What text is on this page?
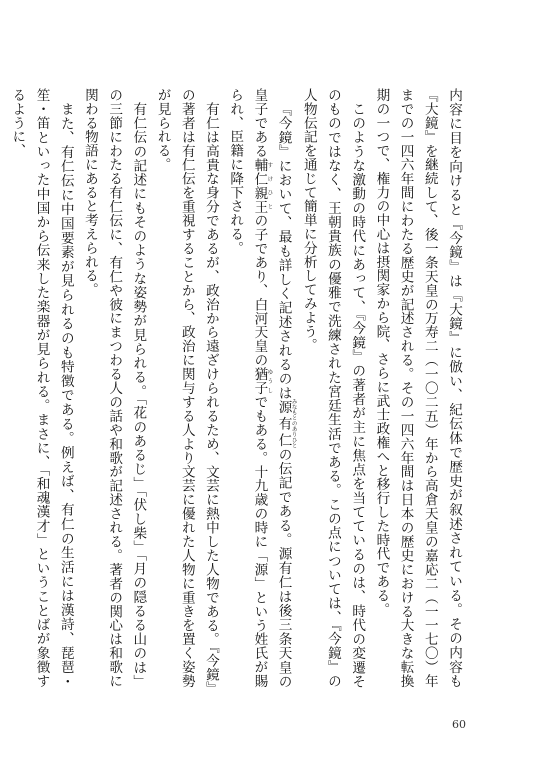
内容に目を向けると『今鏡』は『大鏡』に倣い、紀伝体で歴史が叙述されている。その内容も『大鏡』を継続して、後一条天皇の万寿二（一〇二五）年から高倉天皇の嘉応二（一一七〇）年までの一四六年間にわたる歴史が記述される。その一四六年間は日本の歴史における大きな転換期の一つで、権力の中心は摂関家から院、さらに武士政権へと移行した時代である。

このような激動の時代にあって、『今鏡』の著者が主に焦点を当てているのは、時代の変遷そのものではなく、王朝貴族の優雅で洗練された宮廷生活である。この点については、『今鏡』の人物伝記を通じて簡単に分析してみよう。

『今鏡』において、最も詳しく記述されるのは源有仁 みなもとのありひとの伝記である。源有仁は後三条天皇の皇子である輔仁親王 すけひとの子であり、白河天皇の猶子 ゆうしでもある。十九歳の時に「源」という姓氏が賜られ、臣籍に降下される。

有仁は高貴な身分であるが、政治から遠ざけられるため、文芸に熱中した人物である。『今鏡』の著者は有仁伝を重視することから、政治に関与する人より文芸に優れた人物に重きを置く姿勢が見られる。

有仁伝の記述にもそのような姿勢が見られる。「花のあるじ」「伏し柴」「月の隠るる山のは」の三節にわたる有仁伝に、有仁や彼にまつわる人の話や和歌が記述される。著者の関心は和歌に関わる物語にあると考えられる。

また、有仁伝に中国要素が見られるのも特徴である。例えば、有仁の生活には漢詩、琵琶・笙・笛といった中国から伝来した楽器が見られる。まさに、「和魂漢才」ということばが象徴するように、

60
